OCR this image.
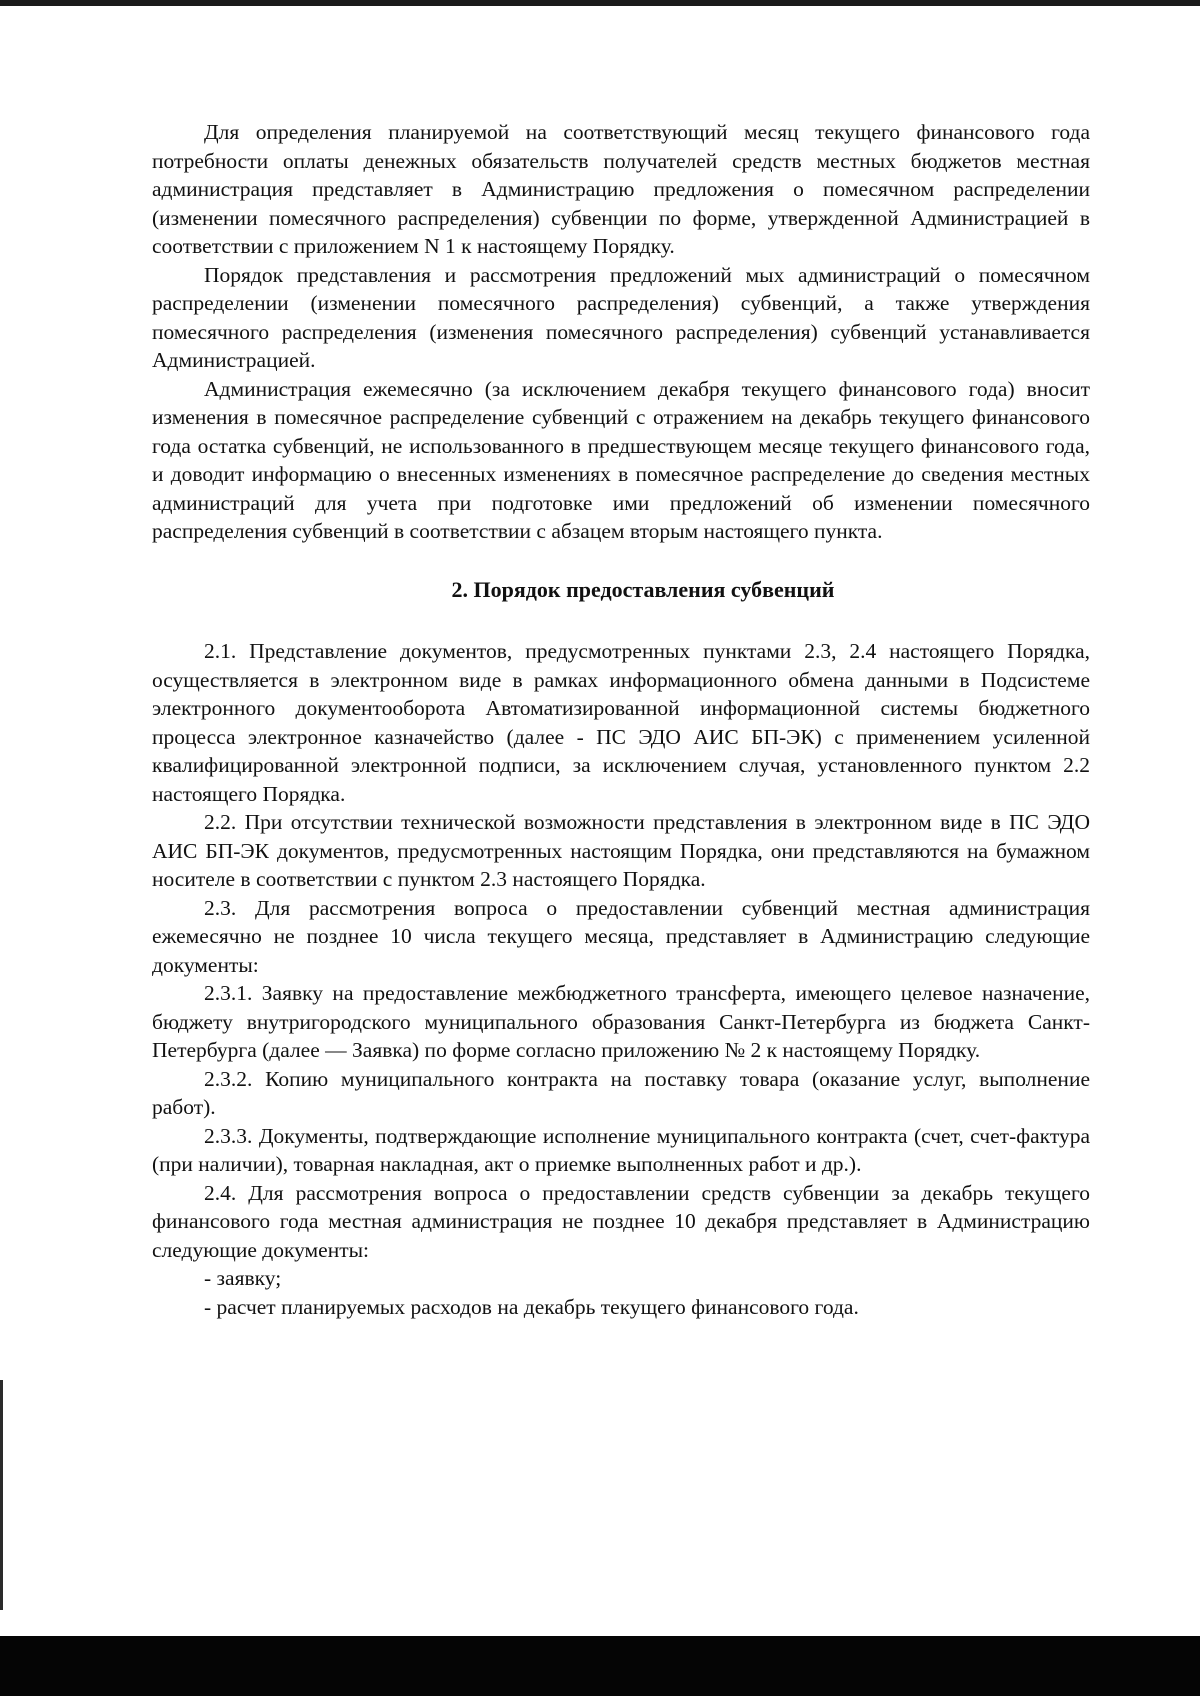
Для определения планируемой на соответствующий месяц текущего финансового года потребности оплаты денежных обязательств получателей средств местных бюджетов местная администрация представляет в Администрацию предложения о помесячном распределении (изменении помесячного распределения) субвенции по форме, утвержденной Администрацией в соответствии с приложением N 1 к настоящему Порядку.

Порядок представления и рассмотрения предложений мых администраций о помесячном распределении (изменении помесячного распределения) субвенций, а также утверждения помесячного распределения (изменения помесячного распределения) субвенций устанавливается Администрацией.

Администрация ежемесячно (за исключением декабря текущего финансового года) вносит изменения в помесячное распределение субвенций с отражением на декабрь текущего финансового года остатка субвенций, не использованного в предшествующем месяце текущего финансового года, и доводит информацию о внесенных изменениях в помесячное распределение до сведения местных администраций для учета при подготовке ими предложений об изменении помесячного распределения субвенций в соответствии с абзацем вторым настоящего пункта.

2. Порядок предоставления субвенций

2.1. Представление документов, предусмотренных пунктами 2.3, 2.4 настоящего Порядка, осуществляется в электронном виде в рамках информационного обмена данными в Подсистеме электронного документооборота Автоматизированной информационной системы бюджетного процесса электронное казначейство (далее - ПС ЭДО АИС БП-ЭК) с применением усиленной квалифицированной электронной подписи, за исключением случая, установленного пунктом 2.2 настоящего Порядка.

2.2. При отсутствии технической возможности представления в электронном виде в ПС ЭДО АИС БП-ЭК документов, предусмотренных настоящим Порядка, они представляются на бумажном носителе в соответствии с пунктом 2.3 настоящего Порядка.

2.3. Для рассмотрения вопроса о предоставлении субвенций местная администрация ежемесячно не позднее 10 числа текущего месяца, представляет в Администрацию следующие документы:

2.3.1. Заявку на предоставление межбюджетного трансферта, имеющего целевое назначение, бюджету внутригородского муниципального образования Санкт-Петербурга из бюджета Санкт-Петербурга (далее — Заявка) по форме согласно приложению № 2 к настоящему Порядку.

2.3.2. Копию муниципального контракта на поставку товара (оказание услуг, выполнение работ).

2.3.3. Документы, подтверждающие исполнение муниципального контракта (счет, счет-фактура (при наличии), товарная накладная, акт о приемке выполненных работ и др.).

2.4. Для рассмотрения вопроса о предоставлении средств субвенции за декабрь текущего финансового года местная администрация не позднее 10 декабря представляет в Администрацию следующие документы:

- заявку;
- расчет планируемых расходов на декабрь текущего финансового года.
